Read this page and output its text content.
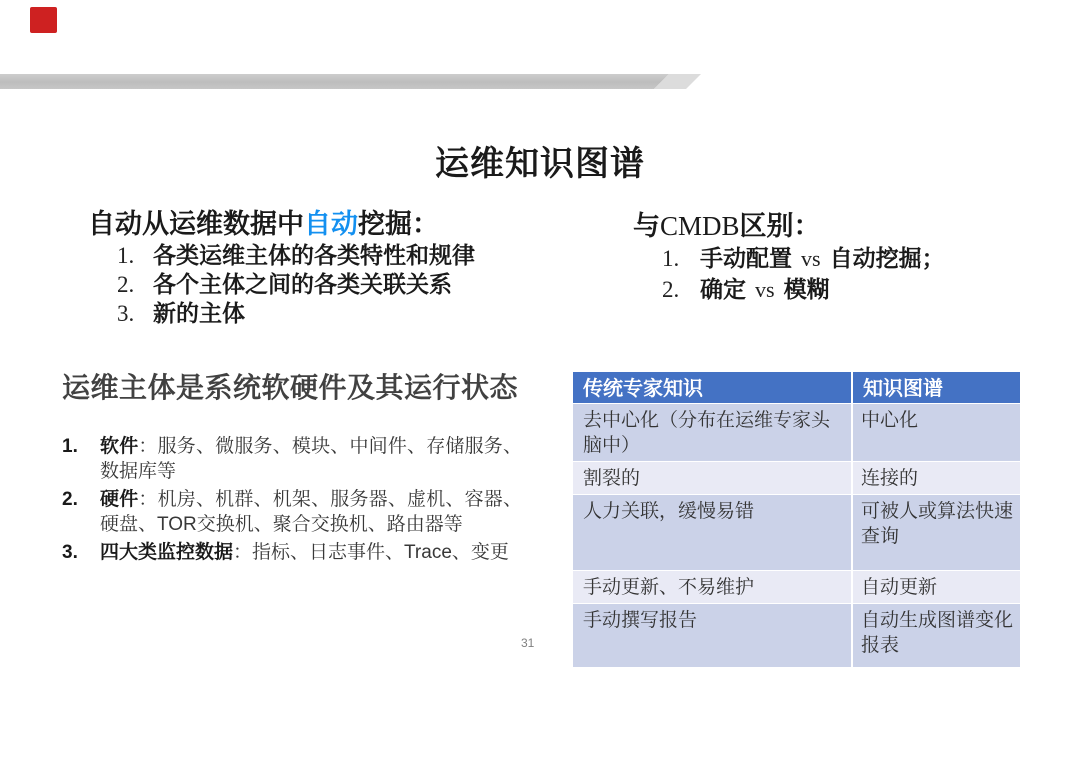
运维知识图谱
自动从运维数据中自动挖掘：
1. 各类运维主体的各类特性和规律
2. 各个主体之间的各类关联关系
3. 新的主体
与CMDB区别：
1. 手动配置 vs 自动挖掘；
2. 确定 vs 模糊
运维主体是系统软硬件及其运行状态
1. 软件：服务、微服务、模块、中间件、存储服务、数据库等
2. 硬件：机房、机群、机架、服务器、虚机、容器、硬盘、TOR交换机、聚合交换机、路由器等
3. 四大类监控数据：指标、日志事件、Trace、变更
传统专家知识	知识图谱
去中心化（分布在运维专家头脑中）	中心化
割裂的	连接的
人力关联，缓慢易错	可被人或算法快速查询
手动更新、不易维护	自动更新
手动撰写报告	自动生成图谱变化报表
31
